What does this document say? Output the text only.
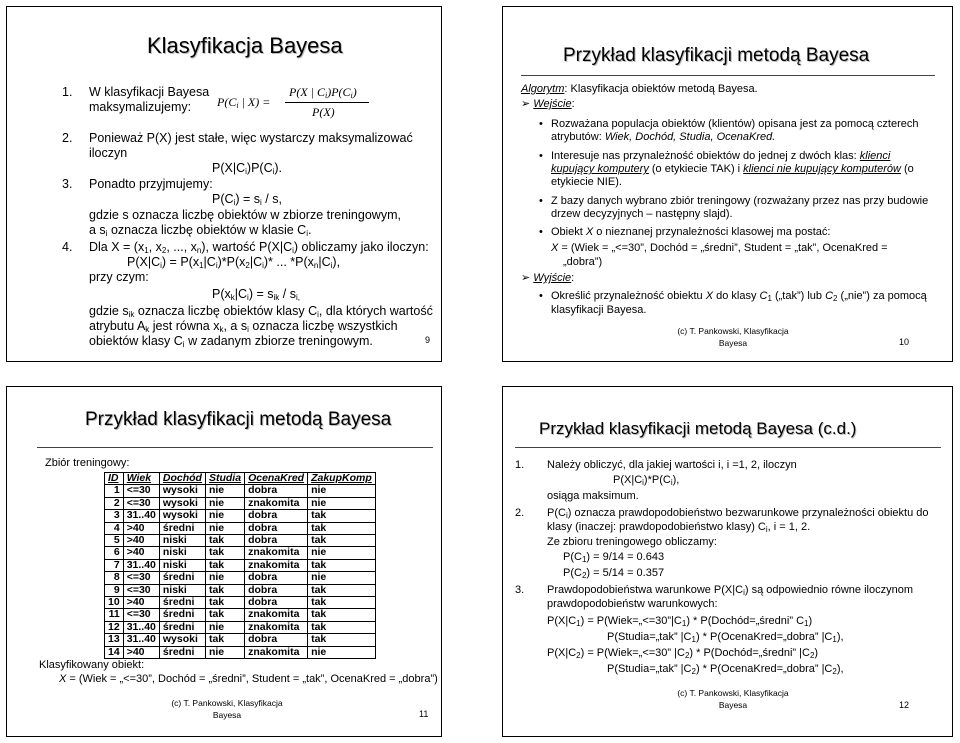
Klasyfikacja Bayesa
1. W klasyfikacji Bayesa
maksymalizujemy: $P(C_i$ | X) =
P(X | $C_i)P(C_i)$
P(X)
2. Ponieważ P(X) jest stałe, więc wystarczy maksymalizować
iloczyn
$P(X|C_i)P(C_i)$.
3. Ponadto przyjmujemy:
$P(C_i) = s_i / s$,
gdzie s oznacza liczbę obiektów w zbiorze treningowym,
a $s_i$ oznacza liczbę obiektów w klasie $C_i$.
4. Dla $X = (x_1$, $x_2$, ..., $x_n$), wartość $P(X|C_i)$ obliczamy jako iloczyn:
$P(X|C_i) = P(x_1|C_i)*P(x_2|C_i)*$ ... $*P(x_n|C_i)$,
przy czym:
$P(x_k|C_i) = s_{ik} / s_{i,}$
gdzie $s_{ik}$ oznacza liczbę obiektów klasy $C_i$, dla których wartość
atrybutu $A_k$ jest równa $x_k$, a $s_i$ oznacza liczbę wszystkich
obiektów klasy $C_i$ w zadanym zbiorze treningowym.	9
Przykład klasyfikacji metodą Bayesa
Algorytm: Klasyfikacja obiektów metodą Bayesa.
➢ Wejście:
• Rozważana populacja obiektów (klientów) opisana jest za pomocą czterech
atrybutów: Wiek, Dochód, Studia, OcenaKred.
• Interesuje nas przynależność obiektów do jednej z dwóch klas: klienci
kupujący komputery (o etykiecie TAK) i klienci nie kupujący komputerów (o
etykiecie NIE).
• Z bazy danych wybrano zbiór treningowy (rozważany przez nas przy budowie
drzew decyzyjnych – następny slajd).
• Obiekt X o nieznanej przynależności klasowej ma postać:
X = (Wiek = „<=30”, Dochód = „średni”, Student = „tak”, OcenaKred =
„dobra”)
➢ Wyjście:
• Określić przynależność obiektu X do klasy $C_1$ („tak”) lub $C_2$ („nie”) za pomocą
klasyfikacji Bayesa.
(c) T. Pankowski, Klasyfikacja
Bayesa	10
Przykład klasyfikacji metodą Bayesa
Zbiór treningowy:
ID	Wiek	Dochód	Studia	OcenaKred	ZakupKomp
1	<=30	wysoki	nie	dobra	nie
2	<=30	wysoki	nie	znakomita	nie
3	31..40	wysoki	nie	dobra	tak
4	>40	średni	nie	dobra	tak
5	>40	niski	tak	dobra	tak
6	>40	niski	tak	znakomita	nie
7	31..40	niski	tak	znakomita	tak
8	<=30	średni	nie	dobra	nie
9	<=30	niski	tak	dobra	tak
10	>40	średni	tak	dobra	tak
11	<=30	średni	tak	znakomita	tak
12	31..40	średni	nie	znakomita	tak
13	31..40	wysoki	tak	dobra	tak
14	>40	średni	nie	znakomita	nie
Klasyfikowany obiekt:
X = (Wiek = „<=30”, Dochód = „średni”, Student = „tak”, OcenaKred = „dobra”)
(c) T. Pankowski, Klasyfikacja
Bayesa	11
Przykład klasyfikacji metodą Bayesa (c.d.)
1. Należy obliczyć, dla jakiej wartości i, i =1, 2, iloczyn
$P(X|C_i)*P(C_i)$,
osiąga maksimum.
2. $P(C_i)$ oznacza prawdopodobieństwo bezwarunkowe przynależności obiektu do
klasy (inaczej: prawdopodobieństwo klasy) $C_i$, i = 1, 2.
Ze zbioru treningowego obliczamy:
$P(C_1) = 9/14 = 0.643$
$P(C_2) = 5/14 = 0.357$
3. Prawdopodobieństwa warunkowe $P(X|C_i)$ są odpowiednio równe iloczynom
prawdopodobieństw warunkowych:
$P(X|C_1)$ = $P(Wiek=„<=30”|C_1)$ * P(Dochód=„średni” $C_1$)
P(Studia=„tak” $|C_1$) * P(OcenaKred=„dobra” $|C_1$),
$P(X|C_2)$ = P(Wiek=„<=30” $|C_2$) * P(Dochód=„średni” $|C_2$)
P(Studia=„tak” $|C_2$) * P(OcenaKred=„dobra” $|C_2$),
(c) T. Pankowski, Klasyfikacja
Bayesa	12
